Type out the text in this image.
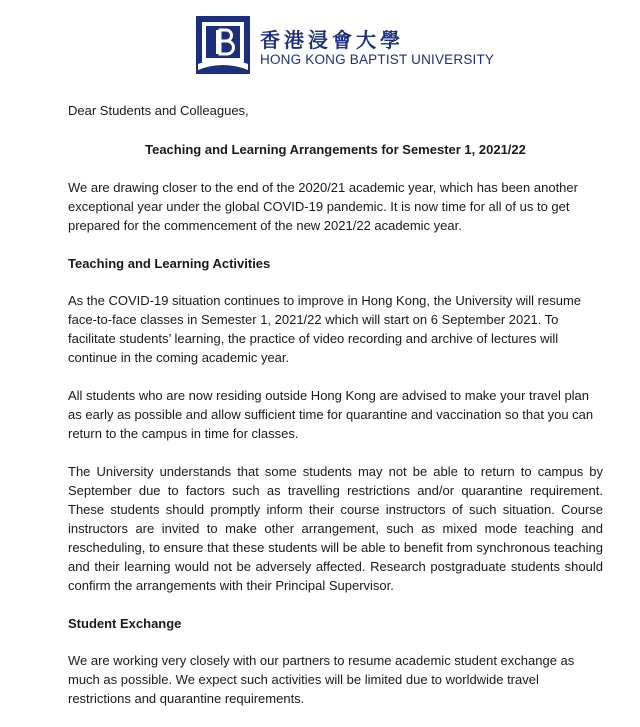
香港浸會大學
HONG KONG BAPTIST UNIVERSITY

Dear Students and Colleagues,

Teaching and Learning Arrangements for Semester 1, 2021/22

We are drawing closer to the end of the 2020/21 academic year, which has been another exceptional year under the global COVID-19 pandemic. It is now time for all of us to get prepared for the commencement of the new 2021/22 academic year.

Teaching and Learning Activities

As the COVID-19 situation continues to improve in Hong Kong, the University will resume face-to-face classes in Semester 1, 2021/22 which will start on 6 September 2021. To facilitate students’ learning, the practice of video recording and archive of lectures will continue in the coming academic year.

All students who are now residing outside Hong Kong are advised to make your travel plan as early as possible and allow sufficient time for quarantine and vaccination so that you can return to the campus in time for classes.

The University understands that some students may not be able to return to campus by September due to factors such as travelling restrictions and/or quarantine requirement. These students should promptly inform their course instructors of such situation. Course instructors are invited to make other arrangement, such as mixed mode teaching and rescheduling, to ensure that these students will be able to benefit from synchronous teaching and their learning would not be adversely affected. Research postgraduate students should confirm the arrangements with their Principal Supervisor.

Student Exchange

We are working very closely with our partners to resume academic student exchange as much as possible. We expect such activities will be limited due to worldwide travel restrictions and quarantine requirements.
